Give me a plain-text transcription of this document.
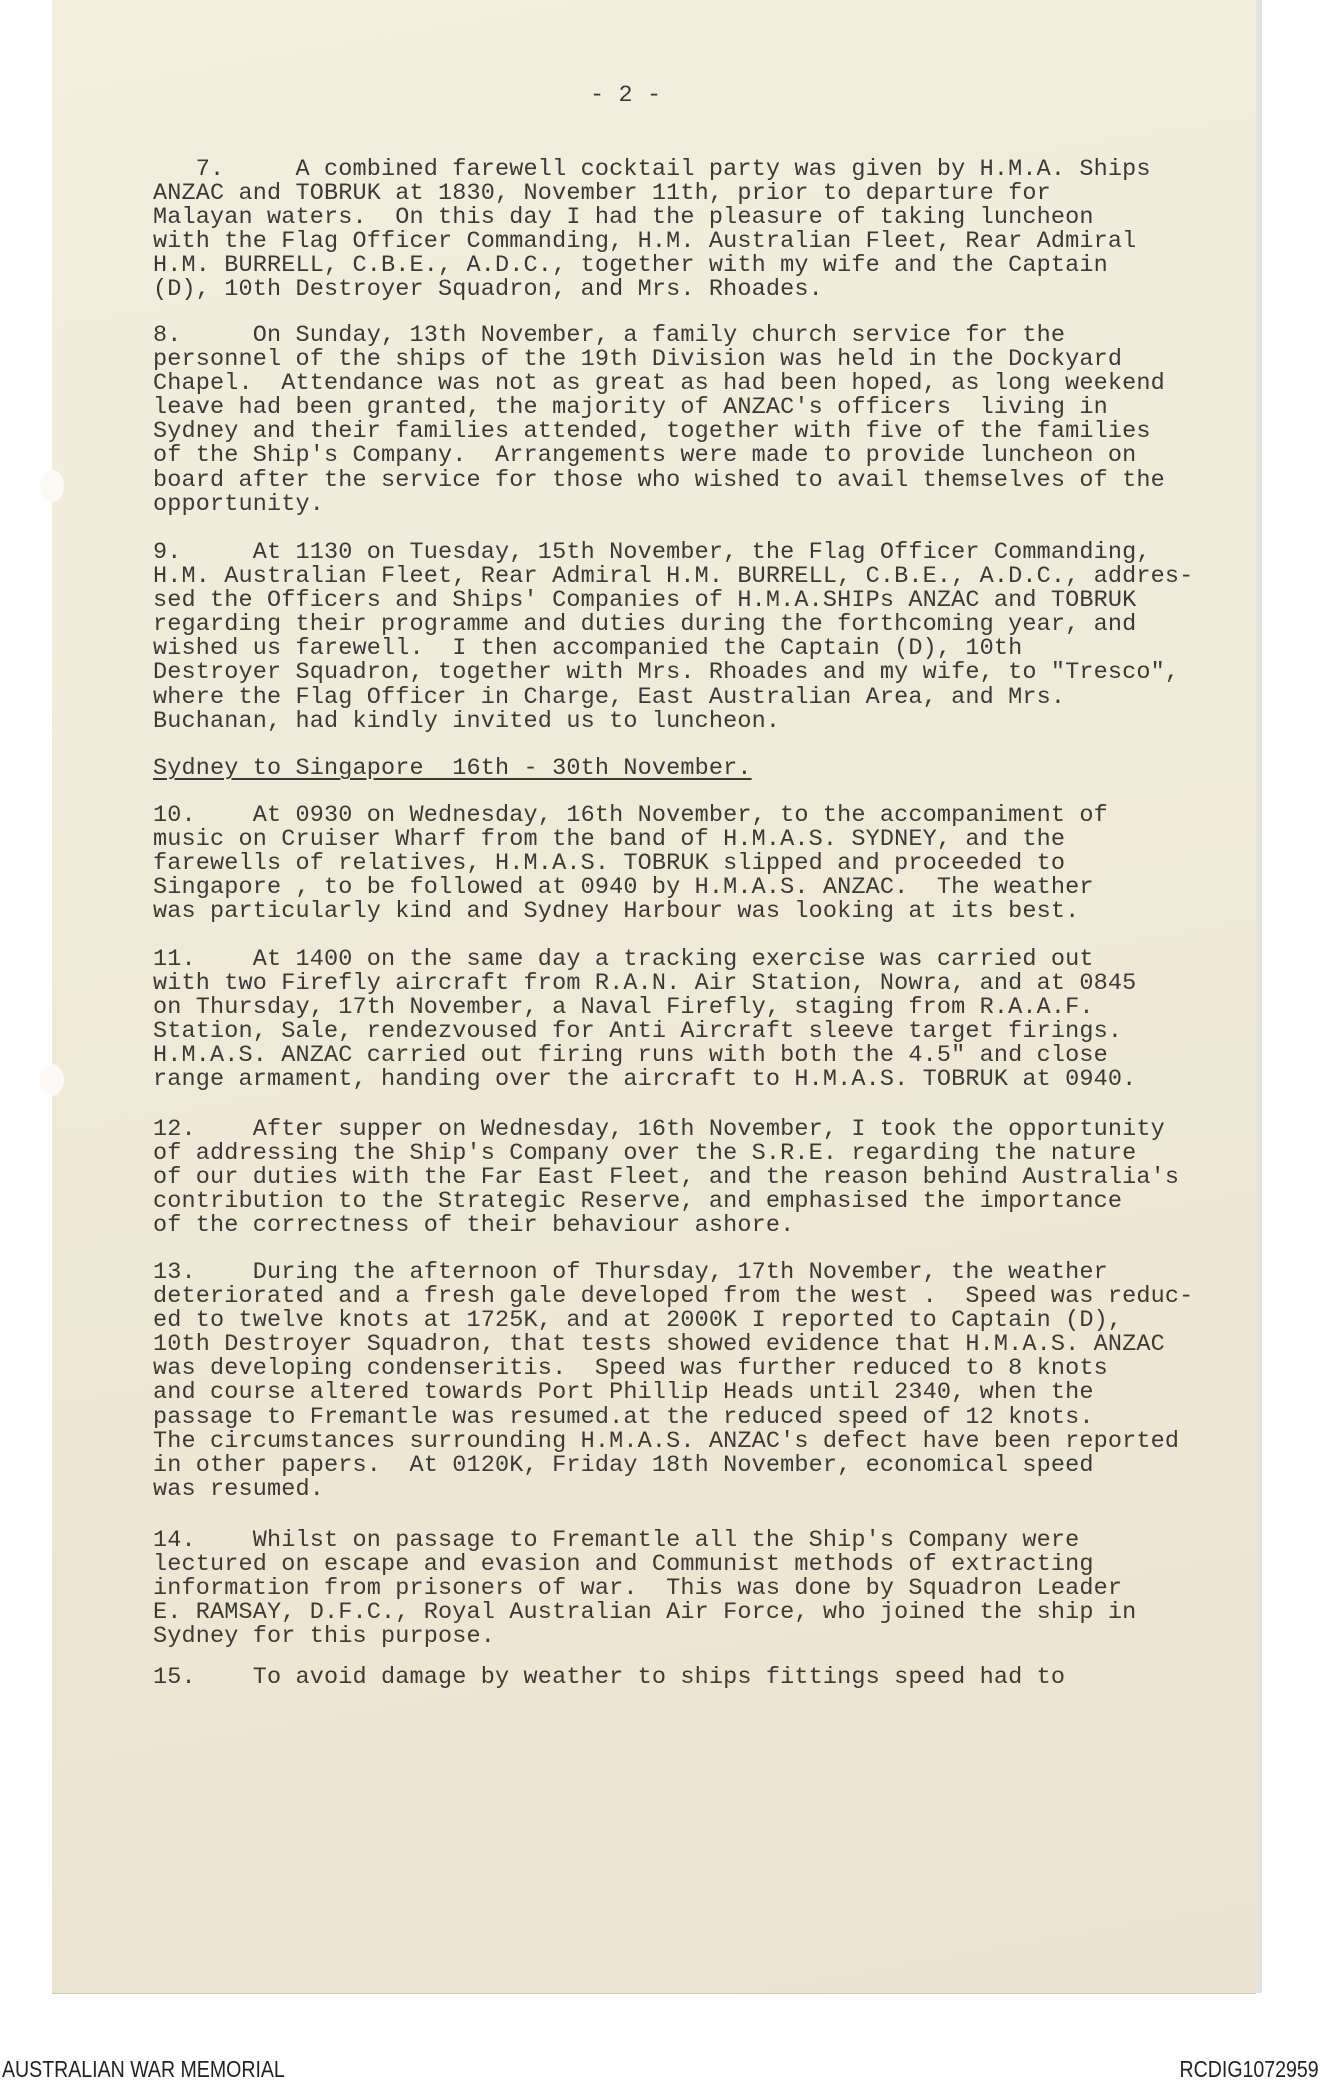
- 2 -
7.     A combined farewell cocktail party was given by H.M.A. Ships
ANZAC and TOBRUK at 1830, November 11th, prior to departure for
Malayan waters.  On this day I had the pleasure of taking luncheon
with the Flag Officer Commanding, H.M. Australian Fleet, Rear Admiral
H.M. BURRELL, C.B.E., A.D.C., together with my wife and the Captain
(D), 10th Destroyer Squadron, and Mrs. Rhoades.
8.     On Sunday, 13th November, a family church service for the
personnel of the ships of the 19th Division was held in the Dockyard
Chapel.  Attendance was not as great as had been hoped, as long weekend
leave had been granted, the majority of ANZAC's officers  living in
Sydney and their families attended, together with five of the families
of the Ship's Company.  Arrangements were made to provide luncheon on
board after the service for those who wished to avail themselves of the
opportunity.
9.     At 1130 on Tuesday, 15th November, the Flag Officer Commanding,
H.M. Australian Fleet, Rear Admiral H.M. BURRELL, C.B.E., A.D.C., addres-
sed the Officers and Ships' Companies of H.M.A.SHIPs ANZAC and TOBRUK
regarding their programme and duties during the forthcoming year, and
wished us farewell.  I then accompanied the Captain (D), 10th
Destroyer Squadron, together with Mrs. Rhoades and my wife, to "Tresco",
where the Flag Officer in Charge, East Australian Area, and Mrs.
Buchanan, had kindly invited us to luncheon.
Sydney to Singapore  16th - 30th November.
10.    At 0930 on Wednesday, 16th November, to the accompaniment of
music on Cruiser Wharf from the band of H.M.A.S. SYDNEY, and the
farewells of relatives, H.M.A.S. TOBRUK slipped and proceeded to
Singapore , to be followed at 0940 by H.M.A.S. ANZAC.  The weather
was particularly kind and Sydney Harbour was looking at its best.
11.    At 1400 on the same day a tracking exercise was carried out
with two Firefly aircraft from R.A.N. Air Station, Nowra, and at 0845
on Thursday, 17th November, a Naval Firefly, staging from R.A.A.F.
Station, Sale, rendezvoused for Anti Aircraft sleeve target firings.
H.M.A.S. ANZAC carried out firing runs with both the 4.5" and close
range armament, handing over the aircraft to H.M.A.S. TOBRUK at 0940.
12.    After supper on Wednesday, 16th November, I took the opportunity
of addressing the Ship's Company over the S.R.E. regarding the nature
of our duties with the Far East Fleet, and the reason behind Australia's
contribution to the Strategic Reserve, and emphasised the importance
of the correctness of their behaviour ashore.
13.    During the afternoon of Thursday, 17th November, the weather
deteriorated and a fresh gale developed from the west .  Speed was reduc-
ed to twelve knots at 1725K, and at 2000K I reported to Captain (D),
10th Destroyer Squadron, that tests showed evidence that H.M.A.S. ANZAC
was developing condenseritis.  Speed was further reduced to 8 knots
and course altered towards Port Phillip Heads until 2340, when the
passage to Fremantle was resumed.at the reduced speed of 12 knots.
The circumstances surrounding H.M.A.S. ANZAC's defect have been reported
in other papers.  At 0120K, Friday 18th November, economical speed
was resumed.
14.    Whilst on passage to Fremantle all the Ship's Company were
lectured on escape and evasion and Communist methods of extracting
information from prisoners of war.  This was done by Squadron Leader
E. RAMSAY, D.F.C., Royal Australian Air Force, who joined the ship in
Sydney for this purpose.
15.    To avoid damage by weather to ships fittings speed had to
AUSTRALIAN WAR MEMORIAL	RCDIG1072959
